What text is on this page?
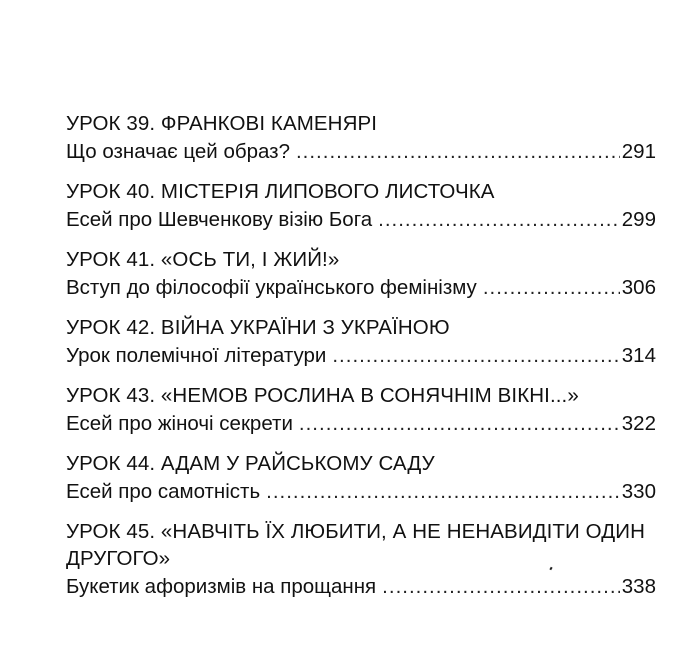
УРОК 39. ФРАНКОВІ КАМЕНЯРІ
Що означає цей образ? .....	291
УРОК 40. МІСТЕРІЯ ЛИПОВОГО ЛИСТОЧКА
Есей про Шевченкову візію Бога .....	299
УРОК 41. «ОСЬ ТИ, І ЖИЙ!»
Вступ до філософії українського фемінізму .....	306
УРОК 42. ВІЙНА УКРАЇНИ З УКРАЇНОЮ
Урок полемічної літератури .....	314
УРОК 43. «НЕМОВ РОСЛИНА В СОНЯЧНІМ ВІКНІ...»
Есей про жіночі секрети .....	322
УРОК 44. АДАМ У РАЙСЬКОМУ САДУ
Есей про самотність .....	330
УРОК 45. «НАВЧІТЬ ЇХ ЛЮБИТИ, А НЕ НЕНАВИДІТИ ОДИН ДРУГОГО»
Букетик афоризмів на прощання .....	338
